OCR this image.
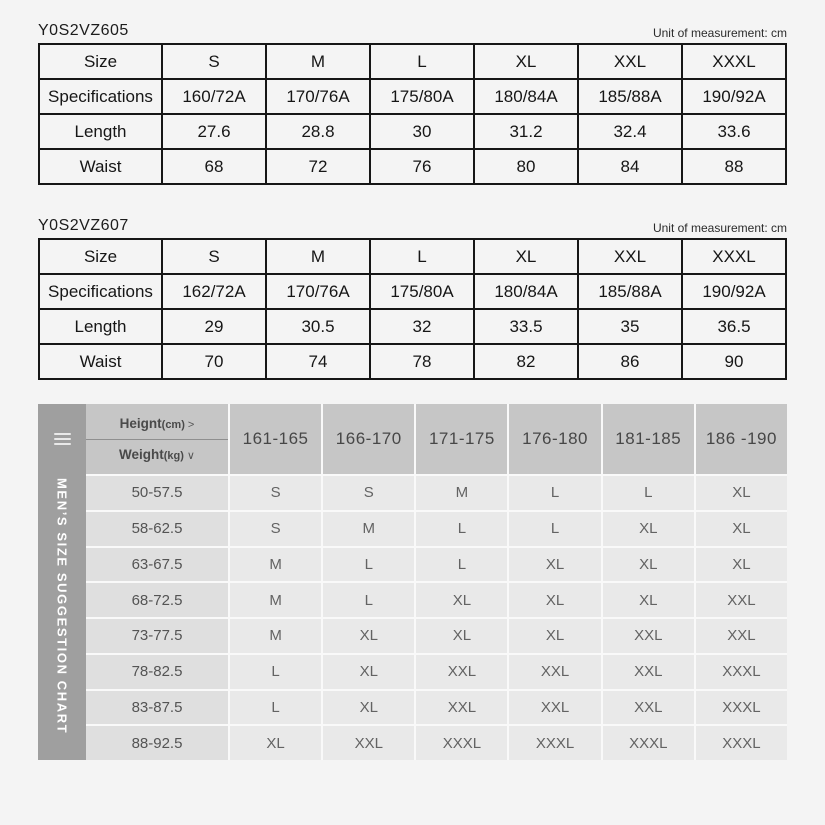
Y0S2VZ605	Unit of measurement: cm
Size	S	M	L	XL	XXL	XXXL
Specifications	160/72A	170/76A	175/80A	180/84A	185/88A	190/92A
Length	27.6	28.8	30	31.2	32.4	33.6
Waist	68	72	76	80	84	88
Y0S2VZ607	Unit of measurement: cm
Size	S	M	L	XL	XXL	XXXL
Specifications	162/72A	170/76A	175/80A	180/84A	185/88A	190/92A
Length	29	30.5	32	33.5	35	36.5
Waist	70	74	78	82	86	90
MEN’S SIZE SUGGESTION CHART
Heignt(cm) >
Weight(kg) ∨
161-165	166-170	171-175	176-180	181-185	186 -190
50-57.5	S	S	M	L	L	XL
58-62.5	S	M	L	L	XL	XL
63-67.5	M	L	L	XL	XL	XL
68-72.5	M	L	XL	XL	XL	XXL
73-77.5	M	XL	XL	XL	XXL	XXL
78-82.5	L	XL	XXL	XXL	XXL	XXXL
83-87.5	L	XL	XXL	XXL	XXL	XXXL
88-92.5	XL	XXL	XXXL	XXXL	XXXL	XXXL
